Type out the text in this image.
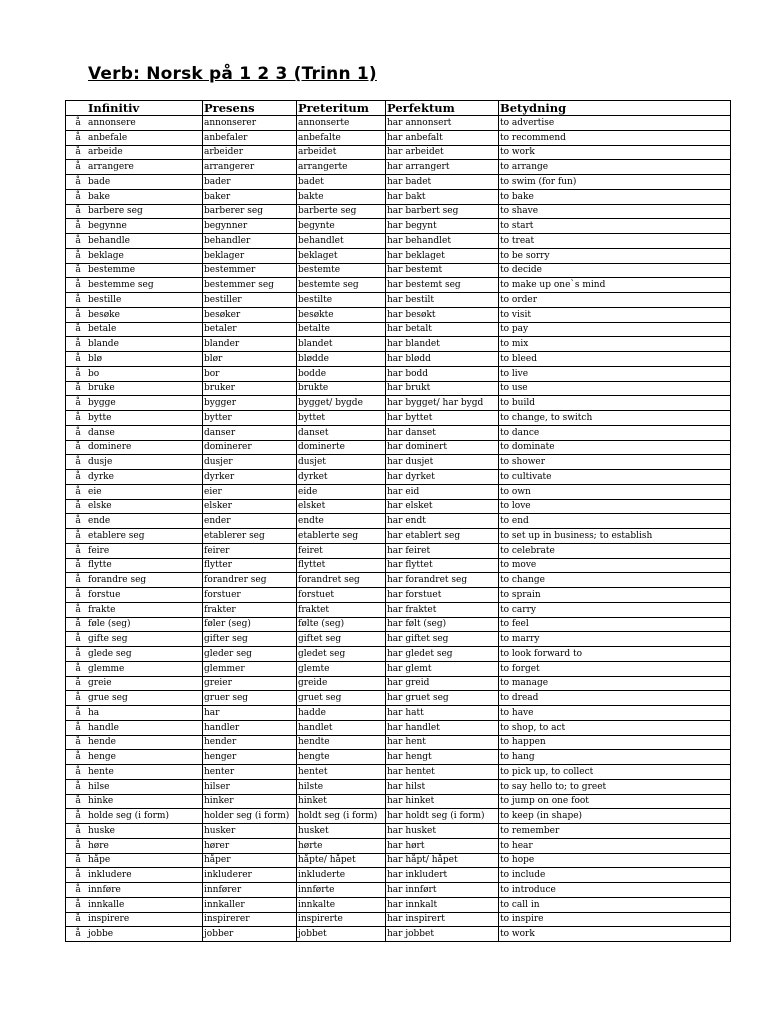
Verb: Norsk på 1 2 3 (Trinn 1)
Infinitiv	Presens	Preteritum	Perfektum	Betydning
å annonsere	annonserer	annonserte	har annonsert	to advertise
å anbefale	anbefaler	anbefalte	har anbefalt	to recommend
å arbeide	arbeider	arbeidet	har arbeidet	to work
å arrangere	arrangerer	arrangerte	har arrangert	to arrange
å bade	bader	badet	har badet	to swim (for fun)
å bake	baker	bakte	har bakt	to bake
å barbere seg	barberer seg	barberte seg	har barbert seg	to shave
å begynne	begynner	begynte	har begynt	to start
å behandle	behandler	behandlet	har behandlet	to treat
å beklage	beklager	beklaget	har beklaget	to be sorry
å bestemme	bestemmer	bestemte	har bestemt	to decide
å bestemme seg	bestemmer seg	bestemte seg	har bestemt seg	to make up one`s mind
å bestille	bestiller	bestilte	har bestilt	to order
å besøke	besøker	besøkte	har besøkt	to visit
å betale	betaler	betalte	har betalt	to pay
å blande	blander	blandet	har blandet	to mix
å blø	blør	blødde	har blødd	to bleed
å bo	bor	bodde	har bodd	to live
å bruke	bruker	brukte	har brukt	to use
å bygge	bygger	bygget/ bygde	har bygget/ har bygd	to build
å bytte	bytter	byttet	har byttet	to change, to switch
å danse	danser	danset	har danset	to dance
å dominere	dominerer	dominerte	har dominert	to dominate
å dusje	dusjer	dusjet	har dusjet	to shower
å dyrke	dyrker	dyrket	har dyrket	to cultivate
å eie	eier	eide	har eid	to own
å elske	elsker	elsket	har elsket	to love
å ende	ender	endte	har endt	to end
å etablere seg	etablerer seg	etablerte seg	har etablert seg	to set up in business; to establish
å feire	feirer	feiret	har feiret	to celebrate
å flytte	flytter	flyttet	har flyttet	to move
å forandre seg	forandrer seg	forandret seg	har forandret seg	to change
å forstue	forstuer	forstuet	har forstuet	to sprain
å frakte	frakter	fraktet	har fraktet	to carry
å føle (seg)	føler (seg)	følte (seg)	har følt (seg)	to feel
å gifte seg	gifter seg	giftet seg	har giftet seg	to marry
å glede seg	gleder seg	gledet seg	har gledet seg	to look forward to
å glemme	glemmer	glemte	har glemt	to forget
å greie	greier	greide	har greid	to manage
å grue seg	gruer seg	gruet seg	har gruet seg	to dread
å ha	har	hadde	har hatt	to have
å handle	handler	handlet	har handlet	to shop, to act
å hende	hender	hendte	har hent	to happen
å henge	henger	hengte	har hengt	to hang
å hente	henter	hentet	har hentet	to pick up, to collect
å hilse	hilser	hilste	har hilst	to say hello to; to greet
å hinke	hinker	hinket	har hinket	to jump on one foot
å holde seg (i form)	holder seg (i form)	holdt seg (i form)	har holdt seg (i form)	to keep (in shape)
å huske	husker	husket	har husket	to remember
å høre	hører	hørte	har hørt	to hear
å håpe	håper	håpte/ håpet	har håpt/ håpet	to hope
å inkludere	inkluderer	inkluderte	har inkludert	to include
å innføre	innfører	innførte	har innført	to introduce
å innkalle	innkaller	innkalte	har innkalt	to call in
å inspirere	inspirerer	inspirerte	har inspirert	to inspire
å jobbe	jobber	jobbet	har jobbet	to work
